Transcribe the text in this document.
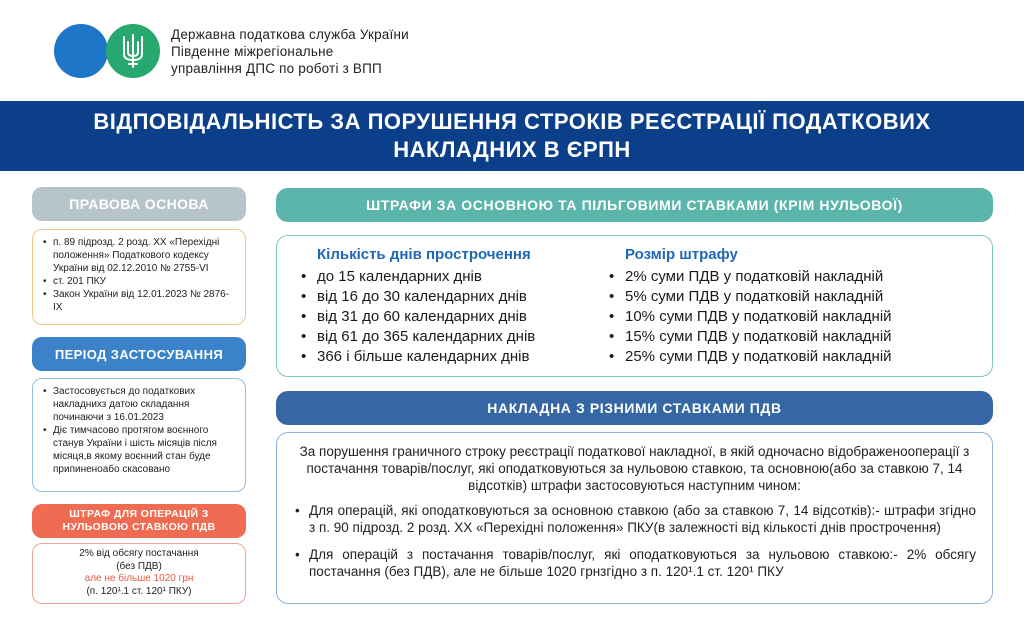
Державна податкова служба України
Південне міжрегіональне
управління ДПС по роботі з ВПП
ВІДПОВІДАЛЬНІСТЬ ЗА ПОРУШЕННЯ СТРОКІВ РЕЄСТРАЦІЇ ПОДАТКОВИХ
НАКЛАДНИХ В ЄРПН
ПРАВОВА ОСНОВА
• п. 89 підрозд. 2 розд. XX «Перехідні положення» Податкового кодексу України від 02.12.2010 № 2755-VI
• ст. 201 ПКУ
• Закон України від 12.01.2023 № 2876-IX
ПЕРІОД ЗАСТОСУВАННЯ
• Застосовується до податкових накладнихз датою складання починаючи з 16.01.2023
• Діє тимчасово протягом воєнного станув України і шість місяців після місяця,в якому воєнний стан буде припиненоабо скасовано
ШТРАФ ДЛЯ ОПЕРАЦІЙ З
НУЛЬОВОЮ СТАВКОЮ ПДВ
2% від обсягу постачання
(без ПДВ)
але не більше 1020 грн
(п. 120¹.1 ст. 120¹ ПКУ)
ШТРАФИ ЗА ОСНОВНОЮ ТА ПІЛЬГОВИМИ СТАВКАМИ (КРІМ НУЛЬОВОЇ)
Кількість днів прострочення
• до 15 календарних днів
• від 16 до 30 календарних днів
• від 31 до 60 календарних днів
• від 61 до 365 календарних днів
• 366 і більше календарних днів
Розмір штрафу
• 2% суми ПДВ у податковій накладній
• 5% суми ПДВ у податковій накладній
• 10% суми ПДВ у податковій накладній
• 15% суми ПДВ у податковій накладній
• 25% суми ПДВ у податковій накладній
НАКЛАДНА З РІЗНИМИ СТАВКАМИ ПДВ

За порушення граничного строку реєстрації податкової накладної, в якій одночасно відображенооперації з постачання товарів/послуг, які оподатковуються за нульовою ставкою, та основною(або за ставкою 7, 14 відсотків) штрафи застосовуються наступним чином:

• Для операцій, які оподатковуються за основною ставкою (або за ставкою 7, 14 відсотків):- штрафи згідно з п. 90 підрозд. 2 розд. XX «Перехідні положення» ПКУ(в залежності від кількості днів прострочення)
• Для операцій з постачання товарів/послуг, які оподатковуються за нульовою ставкою:- 2% обсягу постачання (без ПДВ), але не більше 1020 грнзгідно з п. 120¹.1 ст. 120¹ ПКУ
